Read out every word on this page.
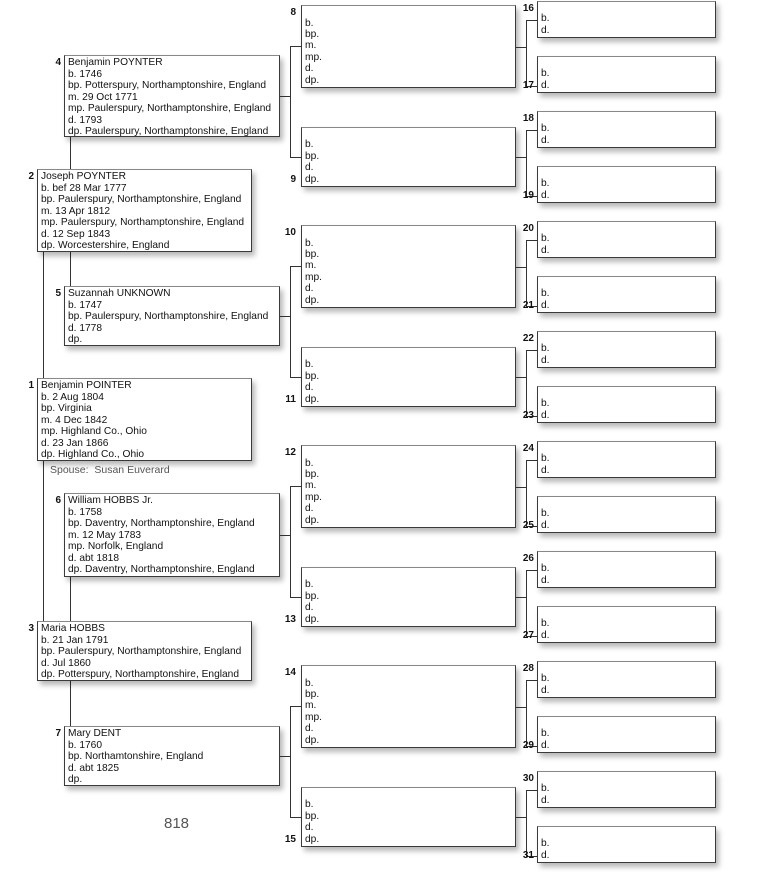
Benjamin POYNTER
b. 1746
bp. Potterspury, Northamptonshire, England
m. 29 Oct 1771
mp. Paulerspury, Northamptonshire, England
d. 1793
dp. Paulerspury, Northamptonshire, England
4
Joseph POYNTER
b. bef 28 Mar 1777
bp. Paulerspury, Northamptonshire, England
m. 13 Apr 1812
mp. Paulerspury, Northamptonshire, England
d. 12 Sep 1843
dp. Worcestershire, England
2
Suzannah UNKNOWN
b. 1747
bp. Paulerspury, Northamptonshire, England
d. 1778
dp.
5
Benjamin POINTER
b. 2 Aug 1804
bp. Virginia
m. 4 Dec 1842
mp. Highland Co., Ohio
d. 23 Jan 1866
dp. Highland Co., Ohio
1
William HOBBS Jr.
b. 1758
bp. Daventry, Northamptonshire, England
m. 12 May 1783
mp. Norfolk, England
d. abt 1818
dp. Daventry, Northamptonshire, England
6
Maria HOBBS
b. 21 Jan 1791
bp. Paulerspury, Northamptonshire, England
d. Jul 1860
dp. Potterspury, Northamptonshire, England
3
Mary DENT
b. 1760
bp. Northamtonshire, England
d. abt 1825
dp.
7
b.
bp.
m.
mp.
d.
dp.
8
b.
bp.
d.
dp.
9
b.
bp.
m.
mp.
d.
dp.
10
b.
bp.
d.
dp.
11
b.
bp.
m.
mp.
d.
dp.
12
b.
bp.
d.
dp.
13
b.
bp.
m.
mp.
d.
dp.
14
b.
bp.
d.
dp.
15
b.
d.
16
b.
d.
17
b.
d.
18
b.
d.
19
b.
d.
20
b.
d.
21
b.
d.
22
b.
d.
23
b.
d.
24
b.
d.
25
b.
d.
26
b.
d.
27
b.
d.
28
b.
d.
29
b.
d.
30
b.
d.
31
Spouse: Susan Euverard
818
